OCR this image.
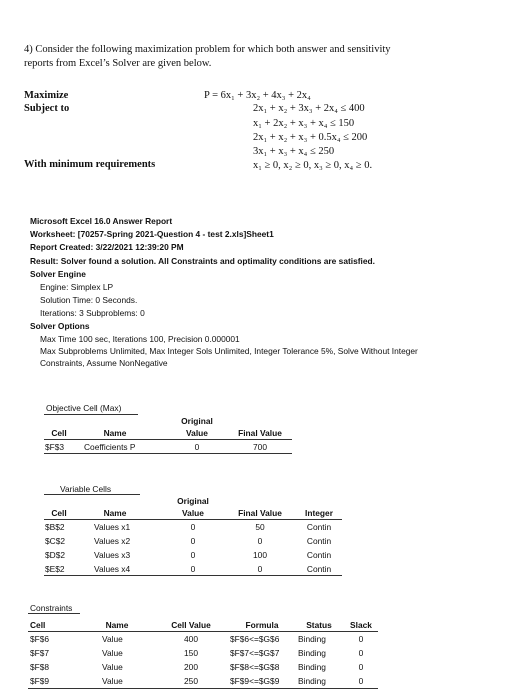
4) Consider the following maximization problem for which both answer and sensitivity
reports from Excel’s Solver are given below.
Maximize
Subject to
With minimum requirements
P = 6x₁ + 3x₂ + 4x₃ + 2x₄
2x₁ + x₂ + 3x₃ + 2x₄ ≤ 400
x₁ + 2x₂ + x₃ + x₄ ≤ 150
2x₁ + x₂ + x₃ + 0.5x₄ ≤ 200
3x₁ + x₃ + x₄ ≤ 250
x₁ ≥ 0, x₂ ≥ 0, x₃ ≥ 0, x₄ ≥ 0.
Microsoft Excel 16.0 Answer Report
Worksheet: [70257-Spring 2021-Question 4 - test 2.xls]Sheet1
Report Created: 3/22/2021 12:39:20 PM
Result: Solver found a solution. All Constraints and optimality conditions are satisfied.
Solver Engine
Engine: Simplex LP
Solution Time: 0 Seconds.
Iterations: 3 Subproblems: 0
Solver Options
Max Time 100 sec, Iterations 100, Precision 0.000001
Max Subproblems Unlimited, Max Integer Sols Unlimited, Integer Tolerance 5%, Solve Without Integer
Constraints, Assume NonNegative
Objective Cell (Max)
Original
Cell	Name	Value	Final Value
$F$3 Coefficients P	0	700
Variable Cells
Original
Cell	Name	Value	Final Value	Integer
$B$2	Values x1	0	50	Contin
$C$2	Values x2	0	0	Contin
$D$2	Values x3	0	100	Contin
$E$2	Values x4	0	0	Contin
Constraints
Cell	Name	Cell Value	Formula	Status	Slack
$F$6	Value	400	$F$6<=$G$6 Binding	0
$F$7	Value	150	$F$7<=$G$7 Binding	0
$F$8	Value	200	$F$8<=$G$8 Binding	0
$F$9	Value	250	$F$9<=$G$9 Binding	0
